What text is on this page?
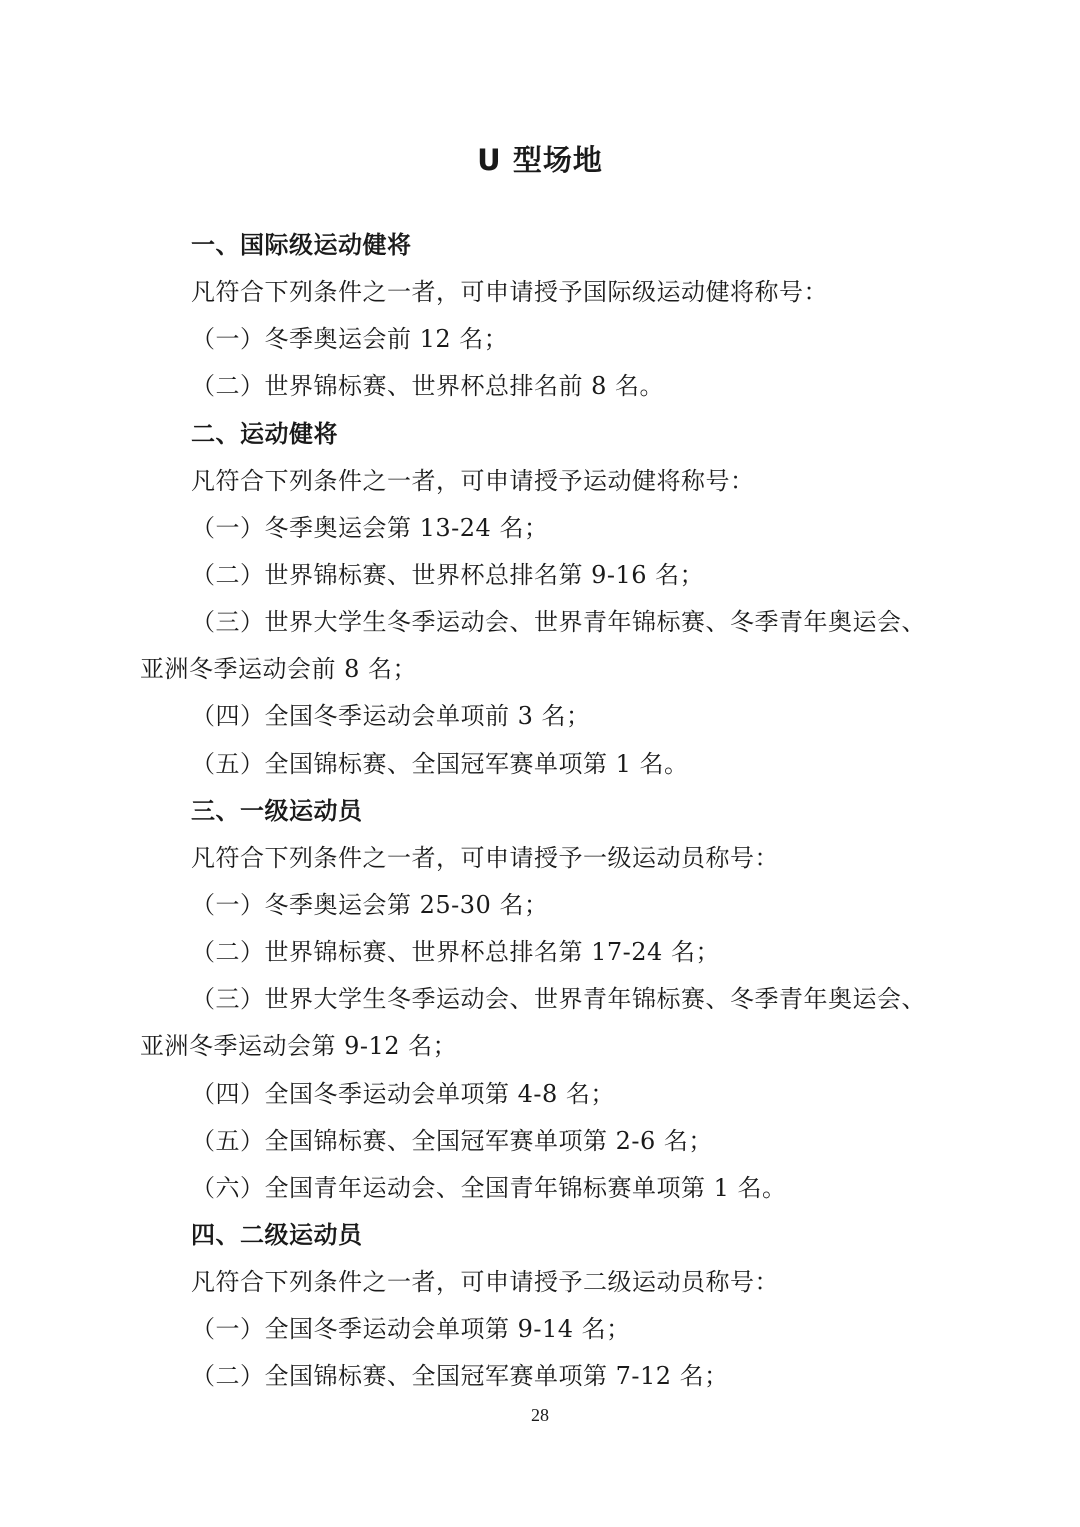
U 型场地
一、国际级运动健将
凡符合下列条件之一者，可申请授予国际级运动健将称号：
（一）冬季奥运会前 12 名；
（二）世界锦标赛、世界杯总排名前 8 名。
二、运动健将
凡符合下列条件之一者，可申请授予运动健将称号：
（一）冬季奥运会第 13-24 名；
（二）世界锦标赛、世界杯总排名第 9-16 名；
（三）世界大学生冬季运动会、世界青年锦标赛、冬季青年奥运会、
亚洲冬季运动会前 8 名；
（四）全国冬季运动会单项前 3 名；
（五）全国锦标赛、全国冠军赛单项第 1 名。
三、一级运动员
凡符合下列条件之一者，可申请授予一级运动员称号：
（一）冬季奥运会第 25-30 名；
（二）世界锦标赛、世界杯总排名第 17-24 名；
（三）世界大学生冬季运动会、世界青年锦标赛、冬季青年奥运会、
亚洲冬季运动会第 9-12 名；
（四）全国冬季运动会单项第 4-8 名；
（五）全国锦标赛、全国冠军赛单项第 2-6 名；
（六）全国青年运动会、全国青年锦标赛单项第 1 名。
四、二级运动员
凡符合下列条件之一者，可申请授予二级运动员称号：
（一）全国冬季运动会单项第 9-14 名；
（二）全国锦标赛、全国冠军赛单项第 7-12 名；
28
